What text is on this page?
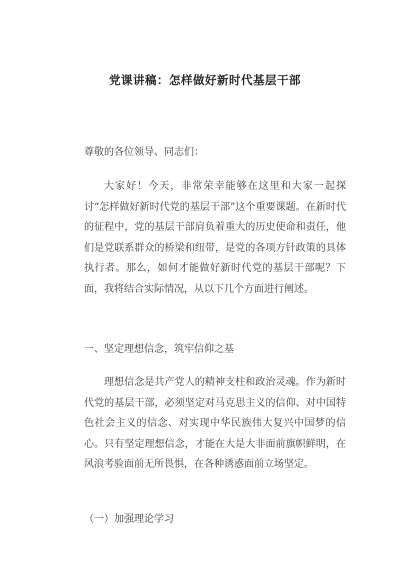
党课讲稿：怎样做好新时代基层干部
尊敬的各位领导、同志们：

大家好！今天，非常荣幸能够在这里和大家一起探讨“怎样做好新时代党的基层干部”这个重要课题。在新时代的征程中，党的基层干部肩负着重大的历史使命和责任，他们是党联系群众的桥梁和纽带，是党的各项方针政策的具体执行者。那么，如何才能做好新时代党的基层干部呢？下面，我将结合实际情况，从以下几个方面进行阐述。

一、坚定理想信念，筑牢信仰之基

理想信念是共产党人的精神支柱和政治灵魂。作为新时代党的基层干部，必须坚定对马克思主义的信仰、对中国特色社会主义的信念、对实现中华民族伟大复兴中国梦的信心。只有坚定理想信念，才能在大是大非面前旗帜鲜明，在风浪考验面前无所畏惧，在各种诱惑面前立场坚定。

（一）加强理论学习
